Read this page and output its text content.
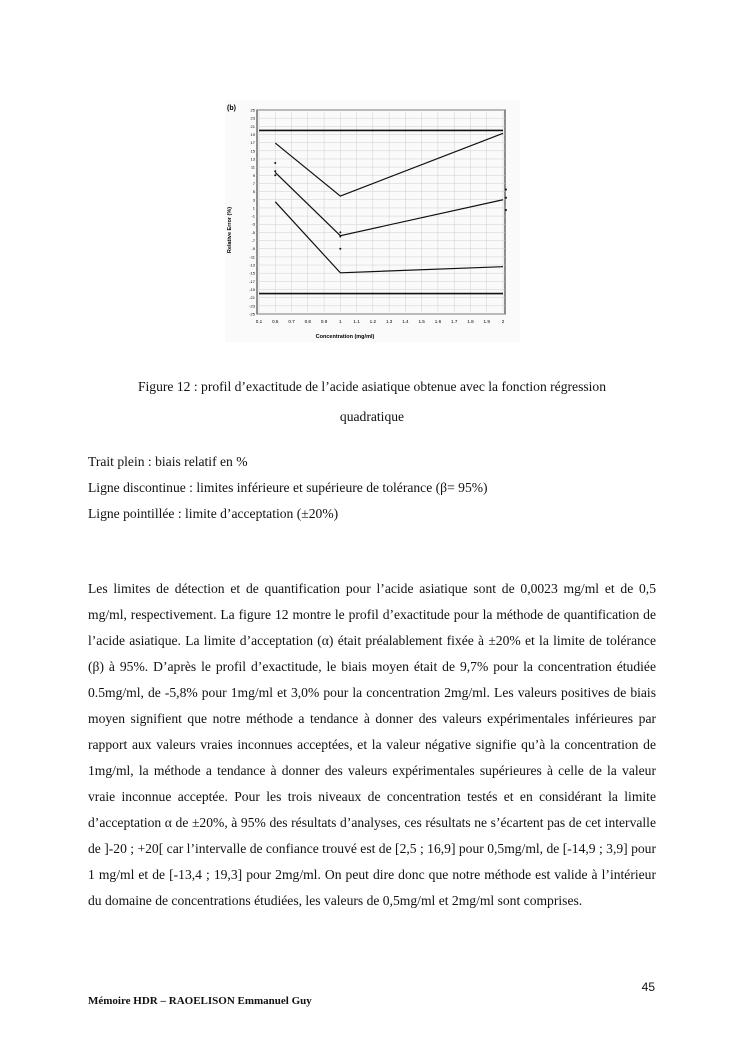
(b)
-25
-23
-21
-19
-17
-15
-13
-11
-9
-7
-5
-3
-1
1
3
5
7
9
11
13
15
17
19
21
23
25
0.1 0.5 0.7 0.8 0.9	1	1.1 1.2 1.3 1.4 1.5 1.6 1.7 1.8 1.9	2
Concentration (mg/ml)
Relative Error (%)
Figure 12 : profil d’exactitude de l’acide asiatique obtenue avec la fonction régression
quadratique
Trait plein : biais relatif en %
Ligne discontinue : limites inférieure et supérieure de tolérance (β= 95%)
Ligne pointillée : limite d’acceptation (±20%)
Les limites de détection et de quantification pour l’acide asiatique sont de 0,0023 mg/ml et de 0,5 mg/ml, respectivement. La figure 12 montre le profil d’exactitude pour la méthode de quantification de l’acide asiatique. La limite d’acceptation (α) était préalablement fixée à ±20% et la limite de tolérance (β) à 95%. D’après le profil d’exactitude, le biais moyen était de 9,7% pour la concentration étudiée 0.5mg/ml, de -5,8% pour 1mg/ml et 3,0% pour la concentration 2mg/ml. Les valeurs positives de biais moyen signifient que notre méthode a tendance à donner des valeurs expérimentales inférieures par rapport aux valeurs vraies inconnues acceptées, et la valeur négative signifie qu’à la concentration de 1mg/ml, la méthode a tendance à donner des valeurs expérimentales supérieures à celle de la valeur vraie inconnue acceptée. Pour les trois niveaux de concentration testés et en considérant la limite d’acceptation α de ±20%, à 95% des résultats d’analyses, ces résultats ne s’écartent pas de cet intervalle de ]-20 ; +20[ car l’intervalle de confiance trouvé est de [2,5 ; 16,9] pour 0,5mg/ml, de [-14,9 ; 3,9] pour 1 mg/ml et de [-13,4 ; 19,3] pour 2mg/ml. On peut dire donc que notre méthode est valide à l’intérieur du domaine de concentrations étudiées, les valeurs de 0,5mg/ml et 2mg/ml sont comprises.
45
Mémoire HDR – RAOELISON Emmanuel Guy
